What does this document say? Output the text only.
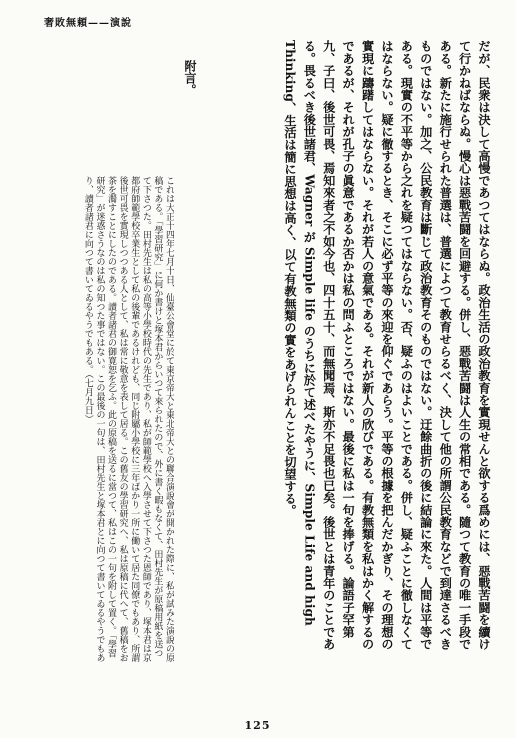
奢敗無頼——演說
だが、民衆は決して高慢であつてはならぬ。政治生活の政治教育を實現せんと欲する爲めには、惡戰苦闘を續けて行かねばならぬ。慢心は惡戰苦闘を回避する。併し、惡戰苦闘は人生の常相である。隨つて教育の唯一手段である。新たに施行せられた普選は、普選によつて教育せらるべく、決して他の所謂公民教育などで到達さるべきものではない。加之、公民教育は斷じて政治教育そのものではない。迂餘曲折の後に結論に來た。人間は平等である。現實の不平等から之れを疑つてはならない。否、疑ふのはよいことである。併し、疑ふことに徹しなくてはならない。疑に徹するとき、そこに必ず平等の來迎を仰ぐであらう。平等の根據を把んだかぎり、その理想の實現に躊躇してはならない。それが若人の意氣である。それが新人の欣びである。有教無類を私はかく解するのであるが、それが孔子の眞意であるか否かは私の問ふところではない。最後に私は一句を捧げる。論語子罕第九、子曰、後世可畏、焉知來者之不如今也、四十五十、而無聞焉、斯亦不足畏也已矣。後世とは青年のことである。畏るべき後世諸君、Wagner が Simple life のうちに於て述べたやうに、Simple Life and high Thinking、生活は簡に思想は高く、以て有教無類の實をあげられんことを切望する。
附言。
これは大正十四年七月十日、仙臺公會堂に於て東京帝大と東北帝大との聯合演說會が開かれた際に、私が試みた演說の原稿である。「學習研究」に何か書けと塚本君からいつて來られたので、外に書く暇もなくて、田村先生が原稿用紙を送つて下さつた。田村先生は私の高等小學校時代の先生であり、私が師範學校へ入學させて下さつた恩師であり、塚本君は京都府師範學校卒業生として私の後輩であるけれども、同じ附屬小學校に三年ばかり一所に働いて居た同僚でもあり、所謂後世可畏を實現しつつある人として、私は常に敬意を表して居る。この舊友の學習研究へ、私は原稿に代へて、舊稿をお茶を濁すことにしたのである。讀者諸君の御寛恕を乞ふ。此の原稿を送るに當つて、私はこの一句を附して置く。「學習研究」が迷惑さうなのは私の知つた事ではない。この最後の一句は、田村先生と塚本君とに向つて書いてゐるやうでもあり、讀者諸君に向つて書いてゐるやうでもある。（七月九日）
125
